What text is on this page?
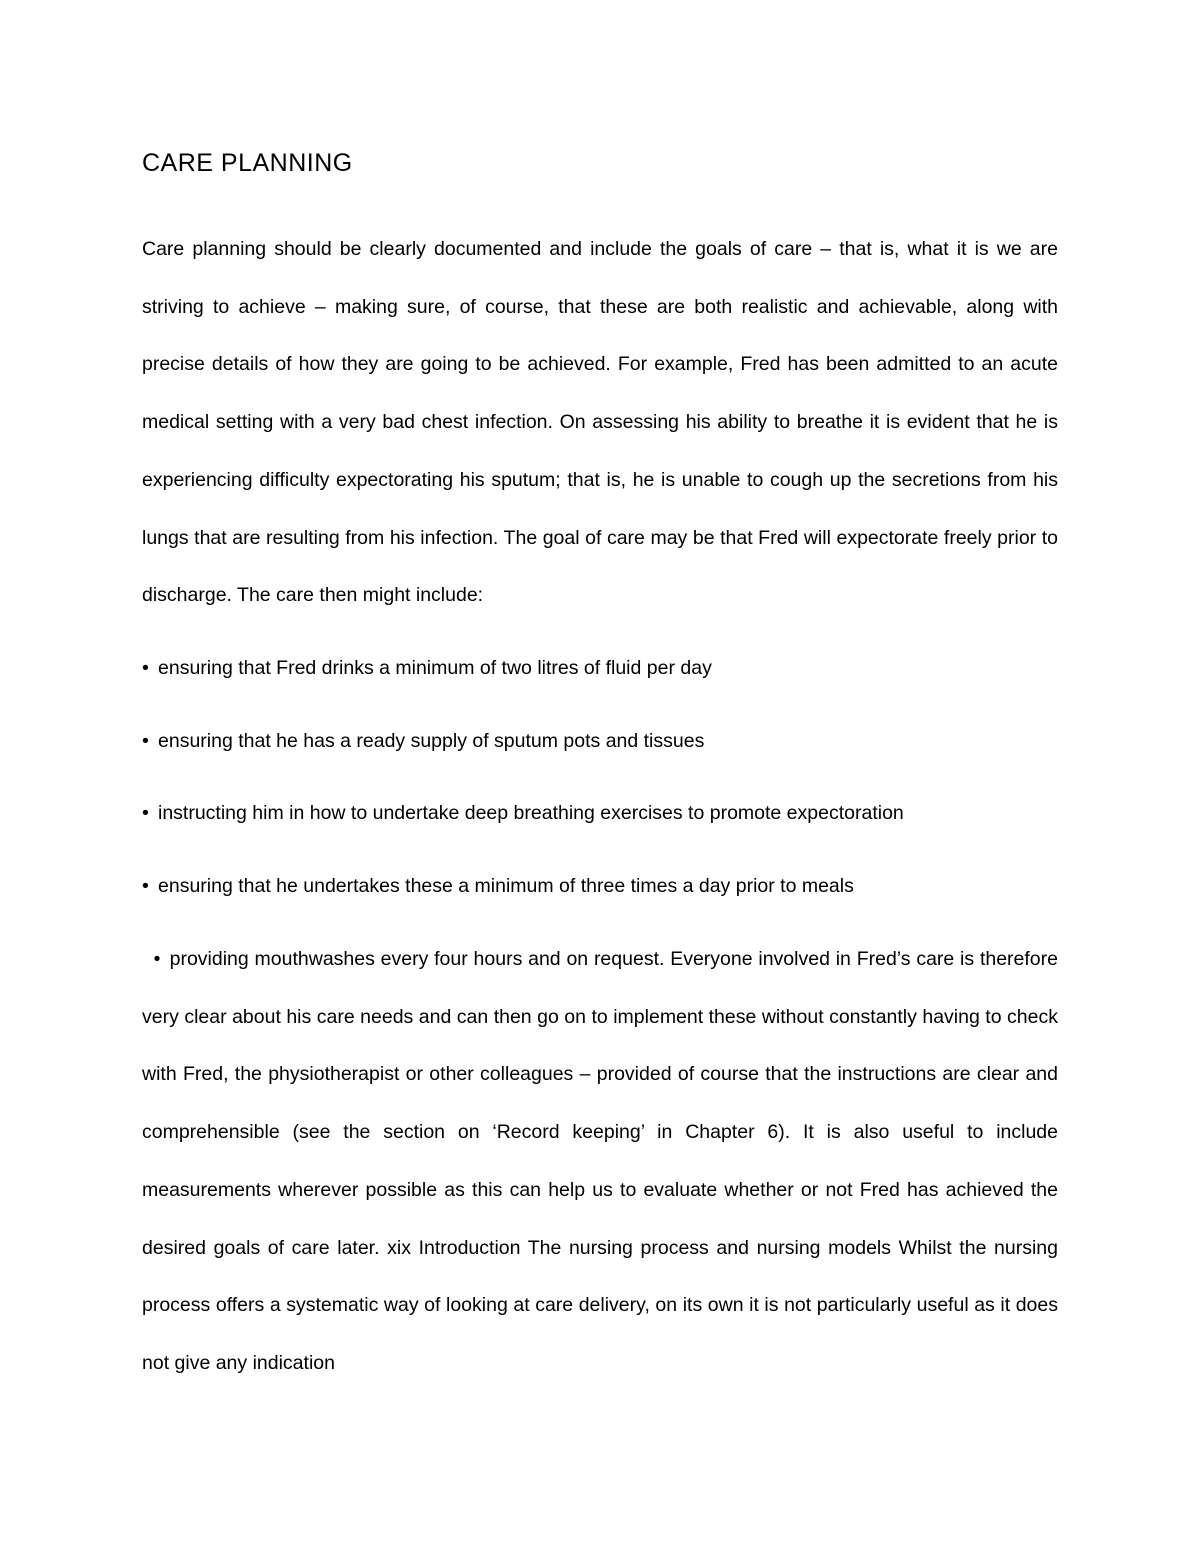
CARE PLANNING

Care planning should be clearly documented and include the goals of care – that is, what it is we are striving to achieve – making sure, of course, that these are both realistic and achievable, along with precise details of how they are going to be achieved. For example, Fred has been admitted to an acute medical setting with a very bad chest infection. On assessing his ability to breathe it is evident that he is experiencing difficulty expectorating his sputum; that is, he is unable to cough up the secretions from his lungs that are resulting from his infection. The goal of care may be that Fred will expectorate freely prior to discharge. The care then might include:

• ensuring that Fred drinks a minimum of two litres of fluid per day
• ensuring that he has a ready supply of sputum pots and tissues
• instructing him in how to undertake deep breathing exercises to promote expectoration
• ensuring that he undertakes these a minimum of three times a day prior to meals

• providing mouthwashes every four hours and on request. Everyone involved in Fred’s care is therefore very clear about his care needs and can then go on to implement these without constantly having to check with Fred, the physiotherapist or other colleagues – provided of course that the instructions are clear and comprehensible (see the section on ‘Record keeping’ in Chapter 6). It is also useful to include measurements wherever possible as this can help us to evaluate whether or not Fred has achieved the desired goals of care later. xix Introduction The nursing process and nursing models Whilst the nursing process offers a systematic way of looking at care delivery, on its own it is not particularly useful as it does not give any indication
